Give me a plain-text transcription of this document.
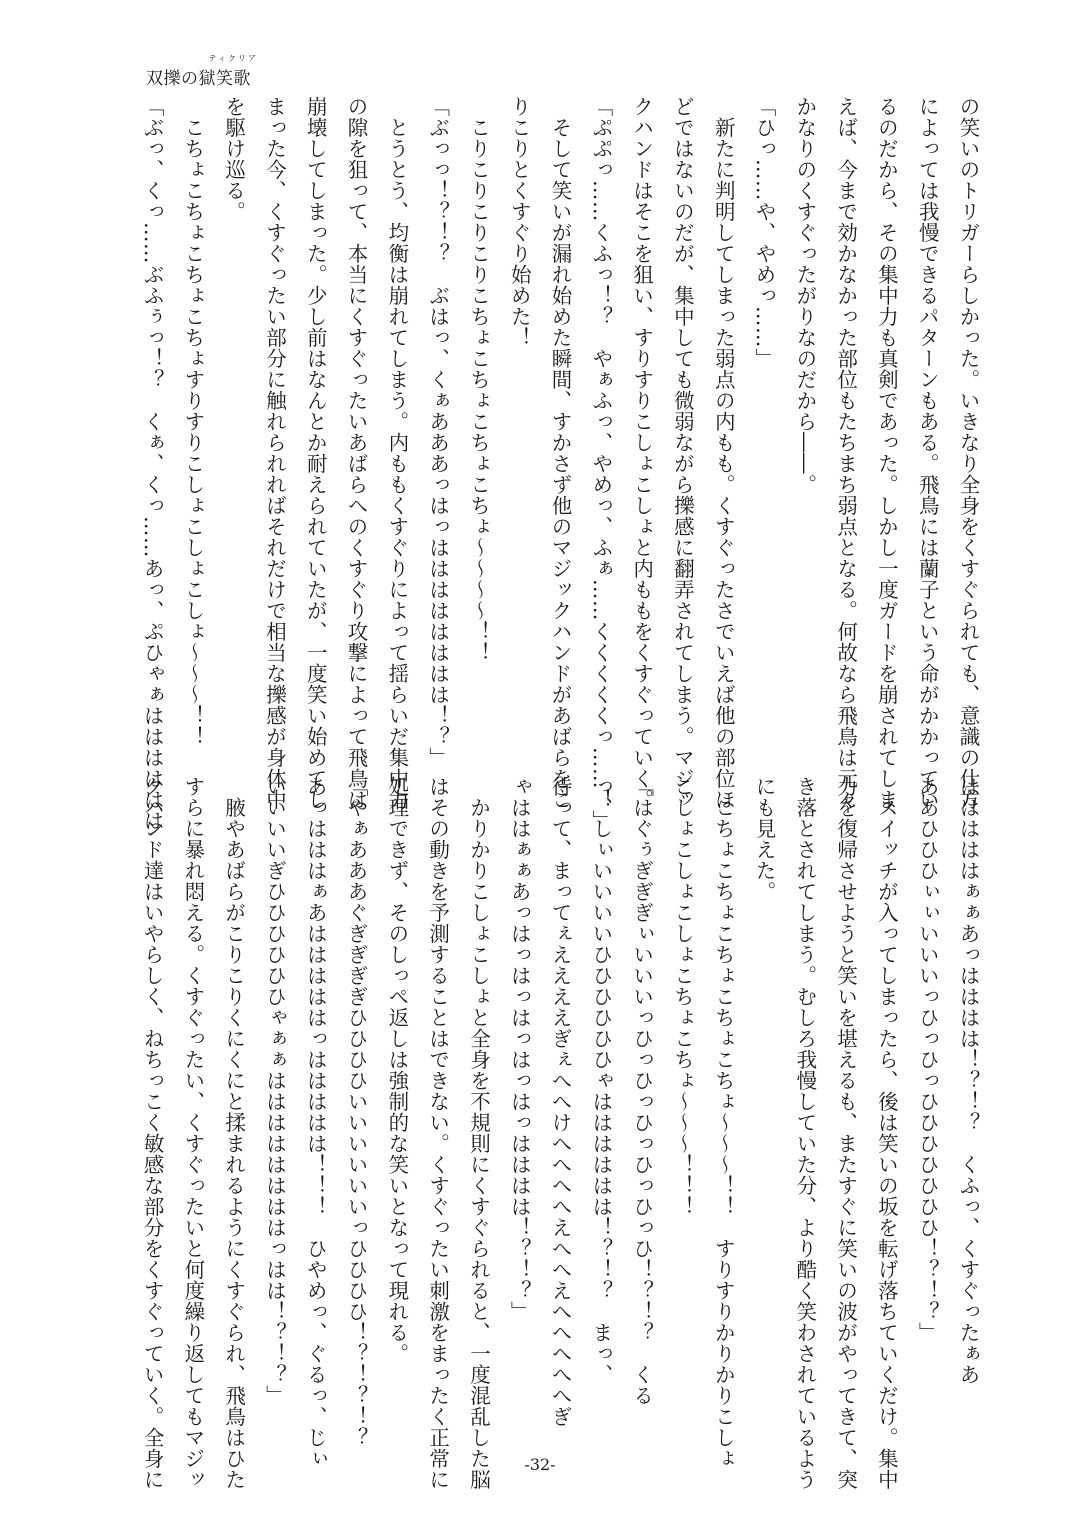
双擽の
ティクリア
獄笑歌
の笑いのトリガーらしかった。いきなり全身をくすぐられても、意識の仕方
によっては我慢できるパターンもある。飛鳥には蘭子という命がかかってい
るのだから、その集中力も真剣であった。しかし一度ガードを崩されてしま
えば、今まで効かなかった部位もたちまち弱点となる。何故なら飛鳥は元々
かなりのくすぐったがりなのだから――。
「ひっ……や、やめっ……」
　新たに判明してしまった弱点の内もも。くすぐったさでいえば他の部位ほ
どではないのだが、集中しても微弱ながら擽感に翻弄されてしまう。マジッ
クハンドはそこを狙い、すりすりこしょこしょと内ももをくすぐっていく。
「ぷぷっ……くふっ！？　やぁふっ、やめっ、ふぁ……くくくくくっ……！」
　そして笑いが漏れ始めた瞬間、すかさず他のマジックハンドがあばらをこ
りこりとくすぐり始めた！
　こりこりこりこりこちょこちょこちょこちょ～～～～！！
「ぶっっ！？！？　ぶはっ、くぁあああっはっはははははははは！？」
　とうとう、均衡は崩れてしまう。内ももくすぐりによって揺らいだ集中力
の隙を狙って、本当にくすぐったいあばらへのくすぐり攻撃によって飛鳥は
崩壊してしまった。少し前はなんとか耐えられていたが、一度笑い始めてし
まった今、くすぐったい部分に触れられればそれだけで相当な擽感が身体中
を駆け巡る。
　こちょこちょこちょこちょすりすりこしょこしょこしょ～～～！！
「ぶっ、くっ……ぶふぅっ！？　くぁ、くっ……あっ、ぷひゃぁはははははは
はははははぁぁあっはははは！？！？　くふっ、くすぐったぁあ
ああひひひぃぃいいいっひっひっひひひひひひひ！？！？」
　スイッチが入ってしまったら、後は笑いの坂を転げ落ちていくだけ。集中
力を復帰させようと笑いを堪えるも、またすぐに笑いの波がやってきて、突
き落とされてしまう。むしろ我慢していた分、より酷く笑わされているよう
にも見えた。
　こちょこちょこちょこちょこちょ～～～！！　すりすりかりかりこしょ
こしょこしょこしょこちょこちょ～～～！！！
「はぐぅぎぎぎぃいいいっひっひっひっひっひっひ！？！？　くる
っ、しぃいいいいひひひひひひゃはははははは！？！？　まっ、
待って、まってぇええええぎぇへへけへへへへえへへえへへへへへぎ
ゃははぁぁあっはっはっはっはっはっはははは！？！？」
　かりかりこしょこしょと全身を不規則にくすぐられると、一度混乱した脳
はその動きを予測することはできない。くすぐったい刺激をまったく正常に
処理できず、そのしっぺ返しは強制的な笑いとなって現れる。
「やぁあああぐぎぎぎぎひひひひいいいいいいっひひひひ！？！？！？
あっはははぁあはははははっははははは！！！　ひやめっ、ぐるっ、じぃ
いいいいぎひひひひひひゃぁぁははははははははっはは！？！？」
　腋やあばらがこりこりくにくにと揉まれるようにくすぐられ、飛鳥はひた
すらに暴れ悶える。くすぐったい、くすぐったいと何度繰り返してもマジッ
クハンド達はいやらしく、ねちっこく敏感な部分をくすぐっていく。全身に	-32-
